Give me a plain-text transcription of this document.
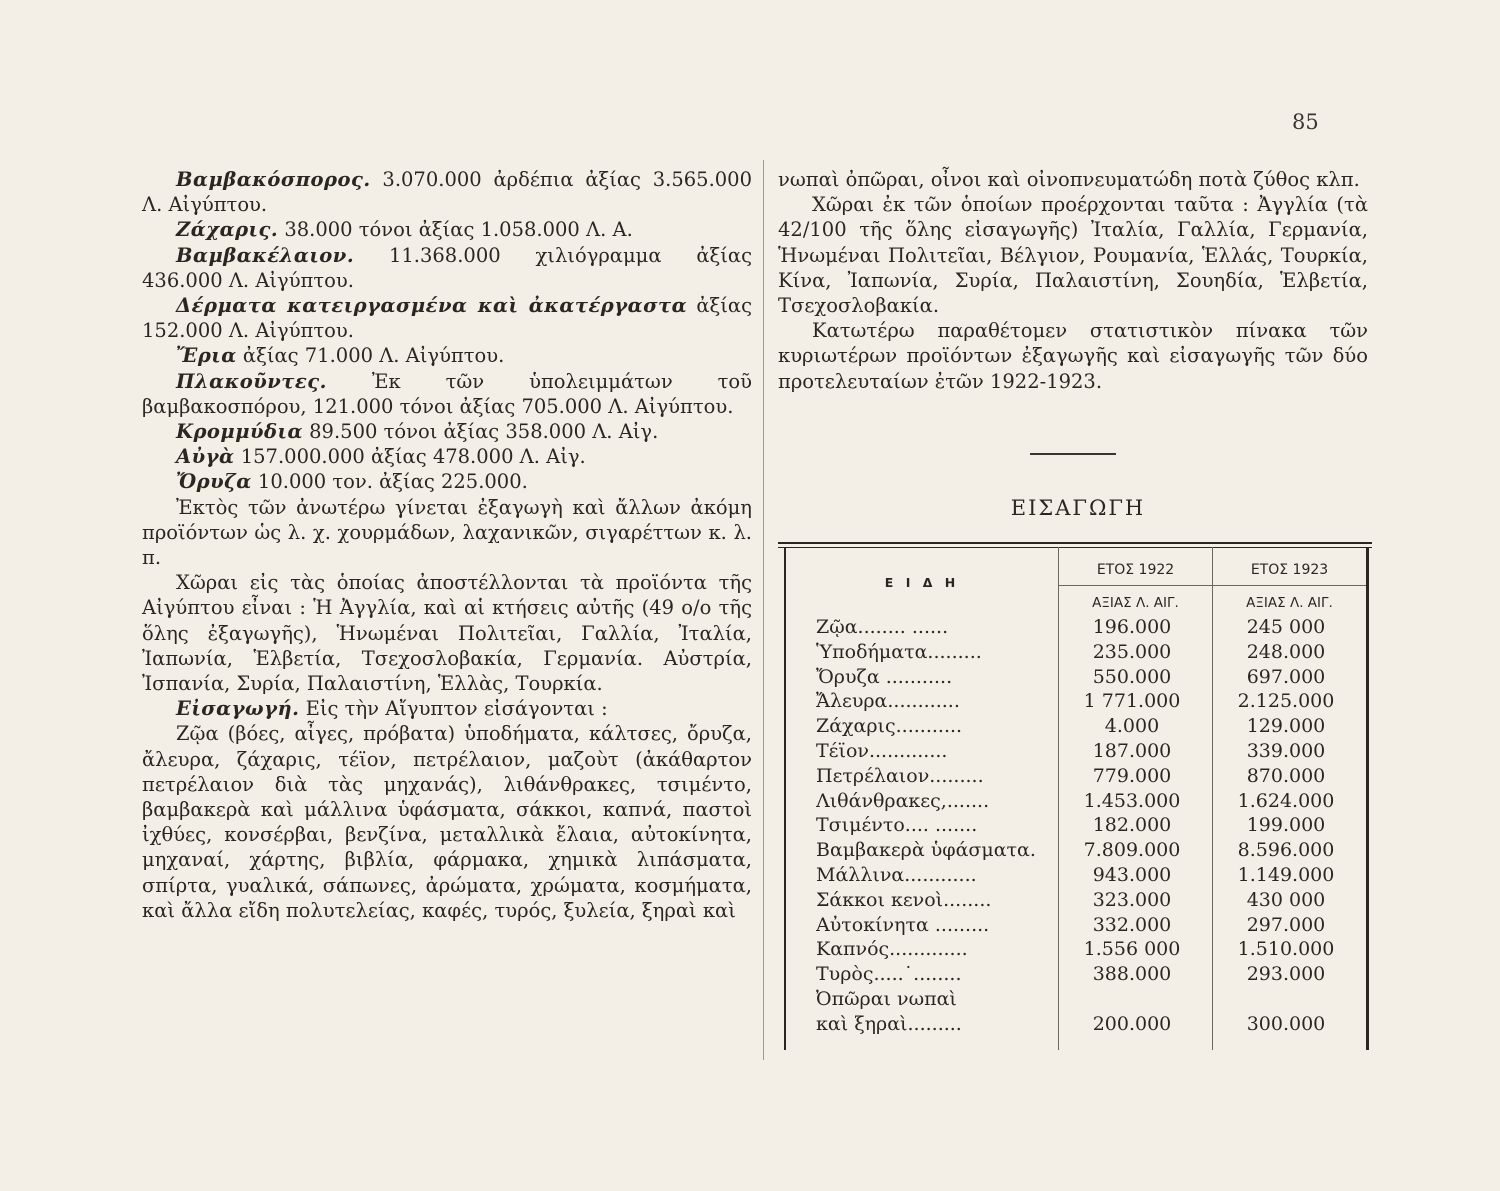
85

Βαμβακόσπορος. 3.070.000 ἀρδέπια ἀξίας 3.565.000 Λ. Αἰγύπτου.

Ζάχαρις. 38.000 τόνοι ἀξίας 1.058.000 Λ. Α.

Βαμβακέλαιον. 11.368.000 χιλιόγραμμα ἀξίας 436.000 Λ. Αἰγύπτου.

Δέρματα κατειργασμένα καὶ ἀκατέργαστα ἀξίας 152.000 Λ. Αἰγύπτου.

Ἔρια ἀξίας 71.000 Λ. Αἰγύπτου.

Πλακοῦντες. Ἐκ τῶν ὑπολειμμάτων τοῦ βαμβακοσπόρου, 121.000 τόνοι ἀξίας 705.000 Λ. Αἰγύπτου.

Κρομμύδια 89.500 τόνοι ἀξίας 358.000 Λ. Αἰγ.

Αὐγὰ 157.000.000 ἀξίας 478.000 Λ. Αἰγ.

Ὄρυζα 10.000 τον. ἀξίας 225.000.

Ἐκτὸς τῶν ἀνωτέρω γίνεται ἐξαγωγὴ καὶ ἄλλων ἀκόμη προϊόντων ὡς λ. χ. χουρμάδων, λαχανικῶν, σιγαρέττων κ. λ. π.

Χῶραι εἰς τὰς ὁποίας ἀποστέλλονται τὰ προϊόντα τῆς Αἰγύπτου εἶναι : Ἡ Ἀγγλία, καὶ αἱ κτήσεις αὐτῆς (49 ο/ο τῆς ὅλης ἐξαγωγῆς), Ἡνωμέναι Πολιτεῖαι, Γαλλία, Ἰταλία, Ἰαπωνία, Ἑλβετία, Τσεχοσλοβακία, Γερμανία. Αὐστρία, Ἰσπανία, Συρία, Παλαιστίνη, Ἑλλὰς, Τουρκία.

Εἰσαγωγή. Εἰς τὴν Αἴγυπτον εἰσάγονται :

Ζῷα (βόες, αἶγες, πρόβατα) ὑποδήματα, κάλτσες, ὄρυζα, ἄλευρα, ζάχαρις, τέϊον, πετρέλαιον, μαζοὺτ (ἀκάθαρτον πετρέλαιον διὰ τὰς μηχανάς), λιθάνθρακες, τσιμέντο, βαμβακερὰ καὶ μάλλινα ὑφάσματα, σάκκοι, καπνά, παστοὶ ἰχθύες, κονσέρβαι, βενζίνα, μεταλλικὰ ἔλαια, αὐτοκίνητα, μηχαναί, χάρτης, βιβλία, φάρμακα, χημικὰ λιπάσματα, σπίρτα, γυαλικά, σάπωνες, ἀρώματα, χρώματα, κοσμήματα, καὶ ἄλλα εἴδη πολυτελείας, καφές, τυρός, ξυλεία, ξηραὶ καὶ

νωπαὶ ὀπῶραι, οἶνοι καὶ οἰνοπνευματώδη ποτὰ ζύθος κλπ.

Χῶραι ἐκ τῶν ὁποίων προέρχονται ταῦτα : Ἀγγλία (τὰ 42/100 τῆς ὅλης εἰσαγωγῆς) Ἰταλία, Γαλλία, Γερμανία, Ἡνωμέναι Πολιτεῖαι, Βέλγιον, Ρουμανία, Ἑλλάς, Τουρκία, Κίνα, Ἰαπωνία, Συρία, Παλαιστίνη, Σουηδία, Ἑλβετία, Τσεχοσλοβακία.

Κατωτέρω παραθέτομεν στατιστικὸν πίνακα τῶν κυριωτέρων προϊόντων ἐξαγωγῆς καὶ εἰσαγωγῆς τῶν δύο προτελευταίων ἐτῶν 1922-1923.

ΕΙΣΑΓΩΓΗ
Ε Ι Δ Η
ΕΤΟΣ 1922	ΕΤΟΣ 1923
ΑΞΙΑΣ Λ. ΑΙΓ.	ΑΞΙΑΣ Λ. ΑΙΓ.
Ζῷα........ ......	196.000	245 000
Ὑποδήματα.........	235.000	248.000
Ὄρυζα ...........	550.000	697.000
Ἄλευρα............	1 771.000	2.125.000
Ζάχαρις...........	4.000	129.000
Τέϊον.............	187.000	339.000
Πετρέλαιον.........	779.000	870.000
Λιθάνθρακες,.......	1.453.000	1.624.000
Τσιμέντο.... .......	182.000	199.000
Βαμβακερὰ ὑφάσματα.	7.809.000	8.596.000
Μάλλινα............	943.000	1.149.000
Σάκκοι κενοὶ........	323.000	430 000
Αὐτοκίνητα .........	332.000	297.000
Καπνός.............	1.556 000	1.510.000
Τυρὸς.....˙........	388.000	293.000
Ὀπῶραι νωπαὶ
καὶ ξηραὶ.........	200.000	300.000
